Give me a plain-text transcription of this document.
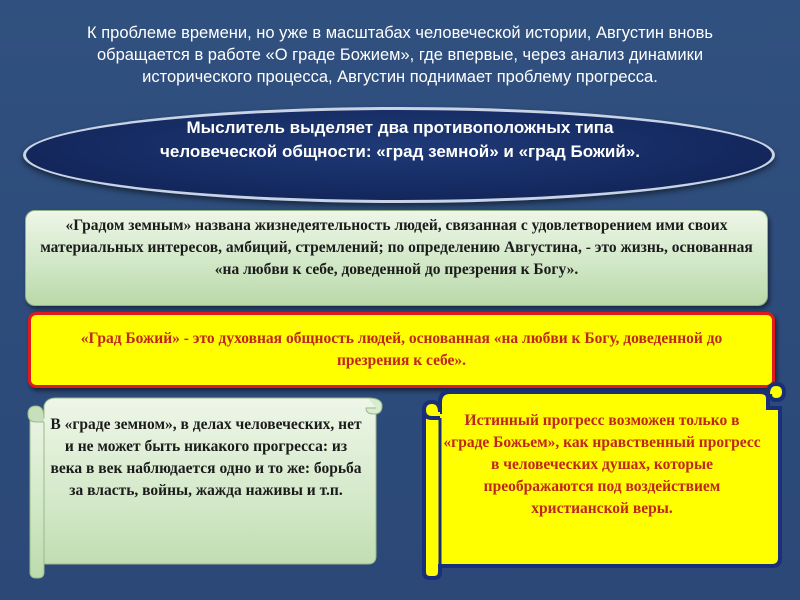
К проблеме времени, но уже в масштабах человеческой истории, Августин вновь обращается в работе «О граде Божием», где впервые, через анализ динамики исторического процесса, Августин поднимает проблему прогресса.
Мыслитель выделяет два противоположных типа человеческой общности: «град земной» и «град Божий».
«Градом земным» названа жизнедеятельность людей, связанная с удовлетворением ими своих материальных интересов, амбиций, стремлений; по определению Августина, - это жизнь, основанная «на любви к себе, доведенной до презрения к Богу».
«Град Божий» - это духовная общность людей, основанная «на любви к Богу, доведенной до презрения к себе».
В «граде земном», в делах человеческих, нет и не может быть никакого прогресса: из века в век наблюдается одно и то же: борьба за власть, войны, жажда наживы и т.п.
Истинный прогресс возможен только в «граде Божьем», как нравственный прогресс в человеческих душах, которые преображаются под воздействием христианской веры.
